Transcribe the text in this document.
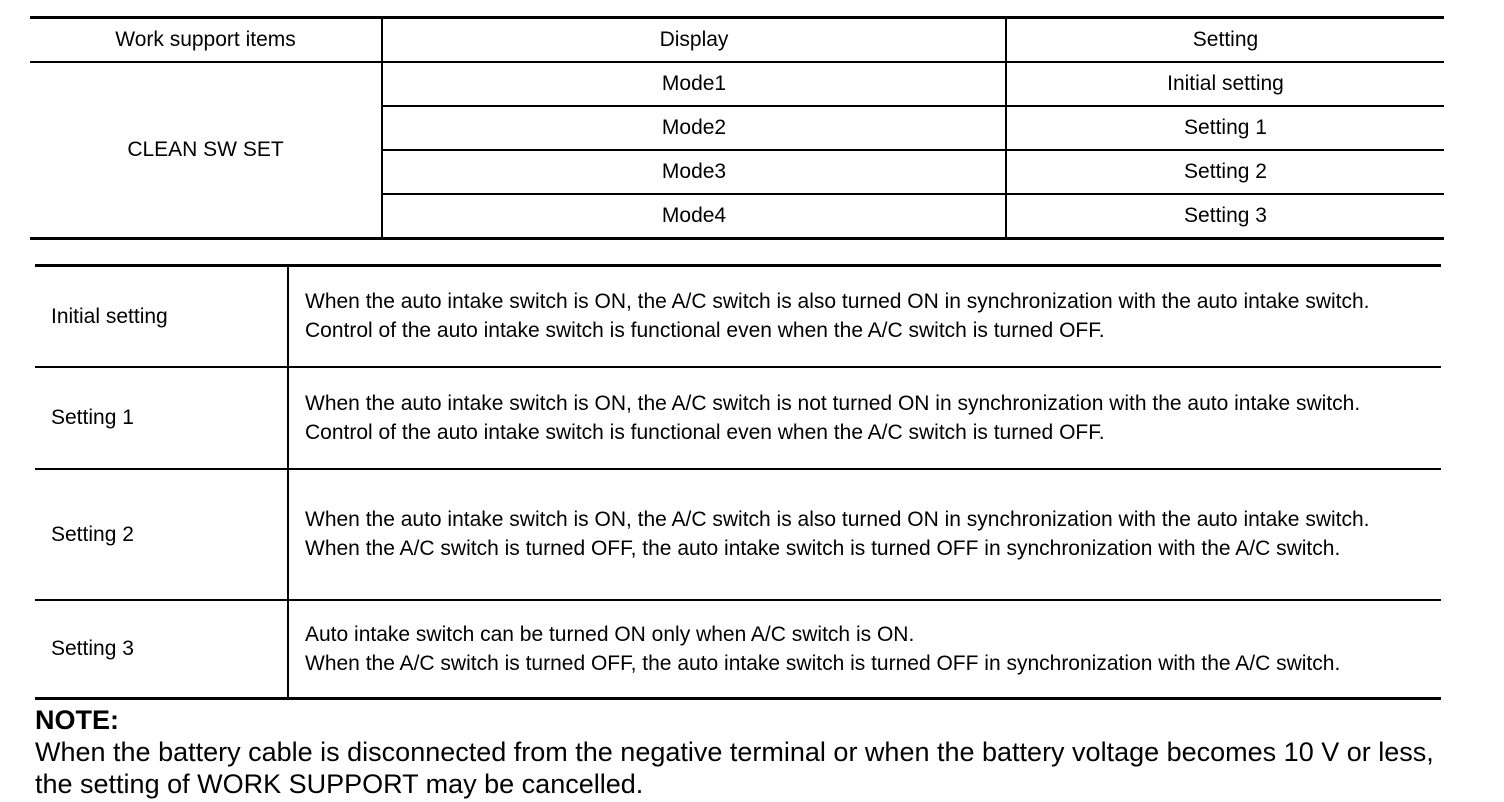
Work support items	Display	Setting
CLEAN SW SET	Mode1	Initial setting
	Mode2	Setting 1
	Mode3	Setting 2
	Mode4	Setting 3
Initial setting	When the auto intake switch is ON, the A/C switch is also turned ON in synchronization with the auto intake switch.
Control of the auto intake switch is functional even when the A/C switch is turned OFF.

Setting 1	When the auto intake switch is ON, the A/C switch is not turned ON in synchronization with the auto intake switch.
Control of the auto intake switch is functional even when the A/C switch is turned OFF.

Setting 2	When the auto intake switch is ON, the A/C switch is also turned ON in synchronization with the auto intake switch.
When the A/C switch is turned OFF, the auto intake switch is turned OFF in synchronization with the A/C switch.

Setting 3	Auto intake switch can be turned ON only when A/C switch is ON.
When the A/C switch is turned OFF, the auto intake switch is turned OFF in synchronization with the A/C switch.
NOTE:
When the battery cable is disconnected from the negative terminal or when the battery voltage becomes 10 V or less, the setting of WORK SUPPORT may be cancelled.
